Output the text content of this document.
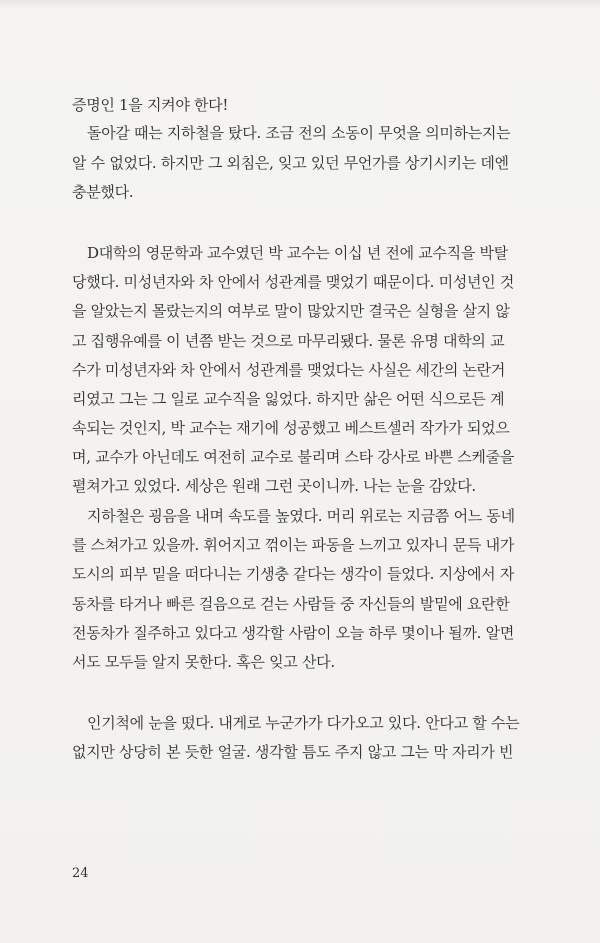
증명인 1을 지켜야 한다!
돌아갈 때는 지하철을 탔다. 조금 전의 소동이 무엇을 의미하는지는
알 수 없었다. 하지만 그 외침은, 잊고 있던 무언가를 상기시키는 데엔
충분했다.
D대학의 영문학과 교수였던 박 교수는 이십 년 전에 교수직을 박탈
당했다. 미성년자와 차 안에서 성관계를 맺었기 때문이다. 미성년인 것
을 알았는지 몰랐는지의 여부로 말이 많았지만 결국은 실형을 살지 않
고 집행유예를 이 년쯤 받는 것으로 마무리됐다. 물론 유명 대학의 교
수가 미성년자와 차 안에서 성관계를 맺었다는 사실은 세간의 논란거
리였고 그는 그 일로 교수직을 잃었다. 하지만 삶은 어떤 식으로든 계
속되는 것인지, 박 교수는 재기에 성공했고 베스트셀러 작가가 되었으
며, 교수가 아닌데도 여전히 교수로 불리며 스타 강사로 바쁜 스케줄을
펼쳐가고 있었다. 세상은 원래 그런 곳이니까. 나는 눈을 감았다.
지하철은 굉음을 내며 속도를 높였다. 머리 위로는 지금쯤 어느 동네
를 스쳐가고 있을까. 휘어지고 꺾이는 파동을 느끼고 있자니 문득 내가
도시의 피부 밑을 떠다니는 기생충 같다는 생각이 들었다. 지상에서 자
동차를 타거나 빠른 걸음으로 걷는 사람들 중 자신들의 발밑에 요란한
전동차가 질주하고 있다고 생각할 사람이 오늘 하루 몇이나 될까. 알면
서도 모두들 알지 못한다. 혹은 잊고 산다.
인기척에 눈을 떴다. 내게로 누군가가 다가오고 있다. 안다고 할 수는
없지만 상당히 본 듯한 얼굴. 생각할 틈도 주지 않고 그는 막 자리가 빈
24
